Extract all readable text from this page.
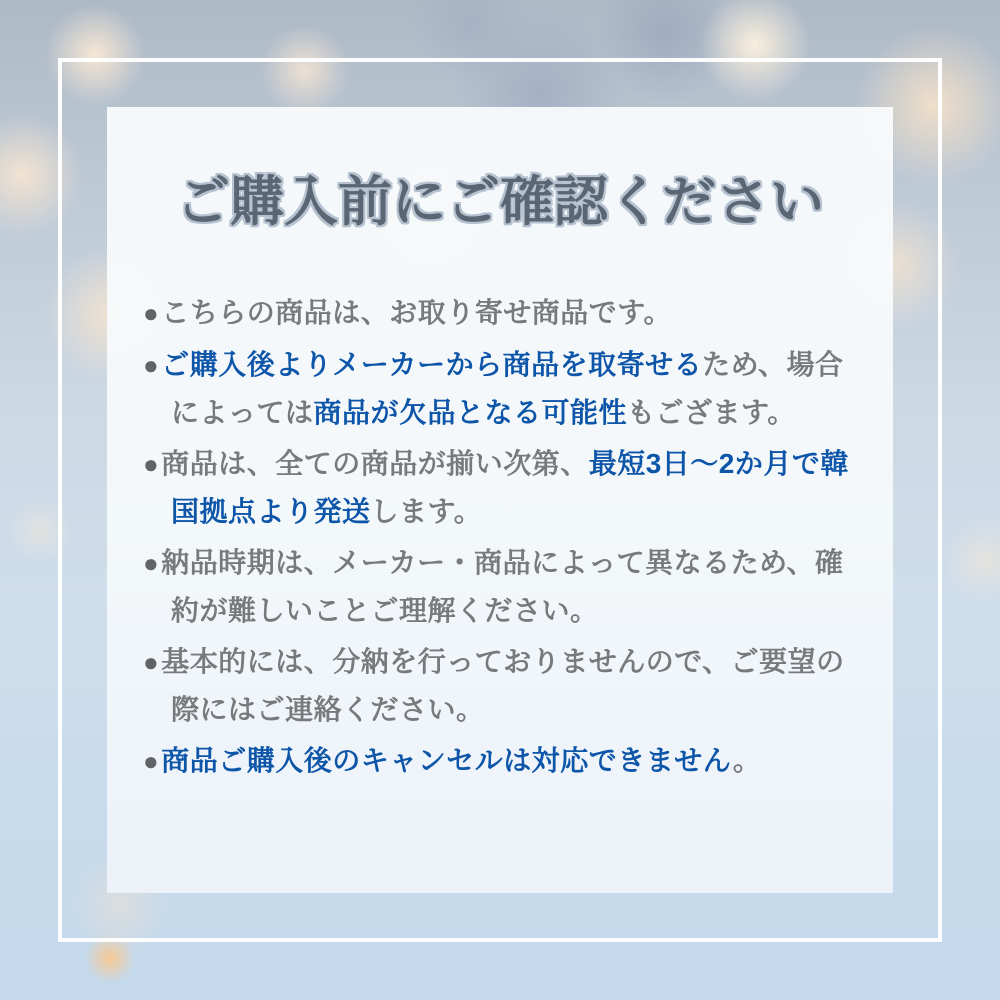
ご購入前にご確認ください

●こちらの商品は、お取り寄せ商品です。

●ご購入後よりメーカーから商品を取寄せるため、場合によっては商品が欠品となる可能性もござます。

●商品は、全ての商品が揃い次第、最短3日〜2か月で韓国拠点より発送します。

●納品時期は、メーカー・商品によって異なるため、確約が難しいことご理解ください。

●基本的には、分納を行っておりませんので、ご要望の際にはご連絡ください。

●商品ご購入後のキャンセルは対応できません。
